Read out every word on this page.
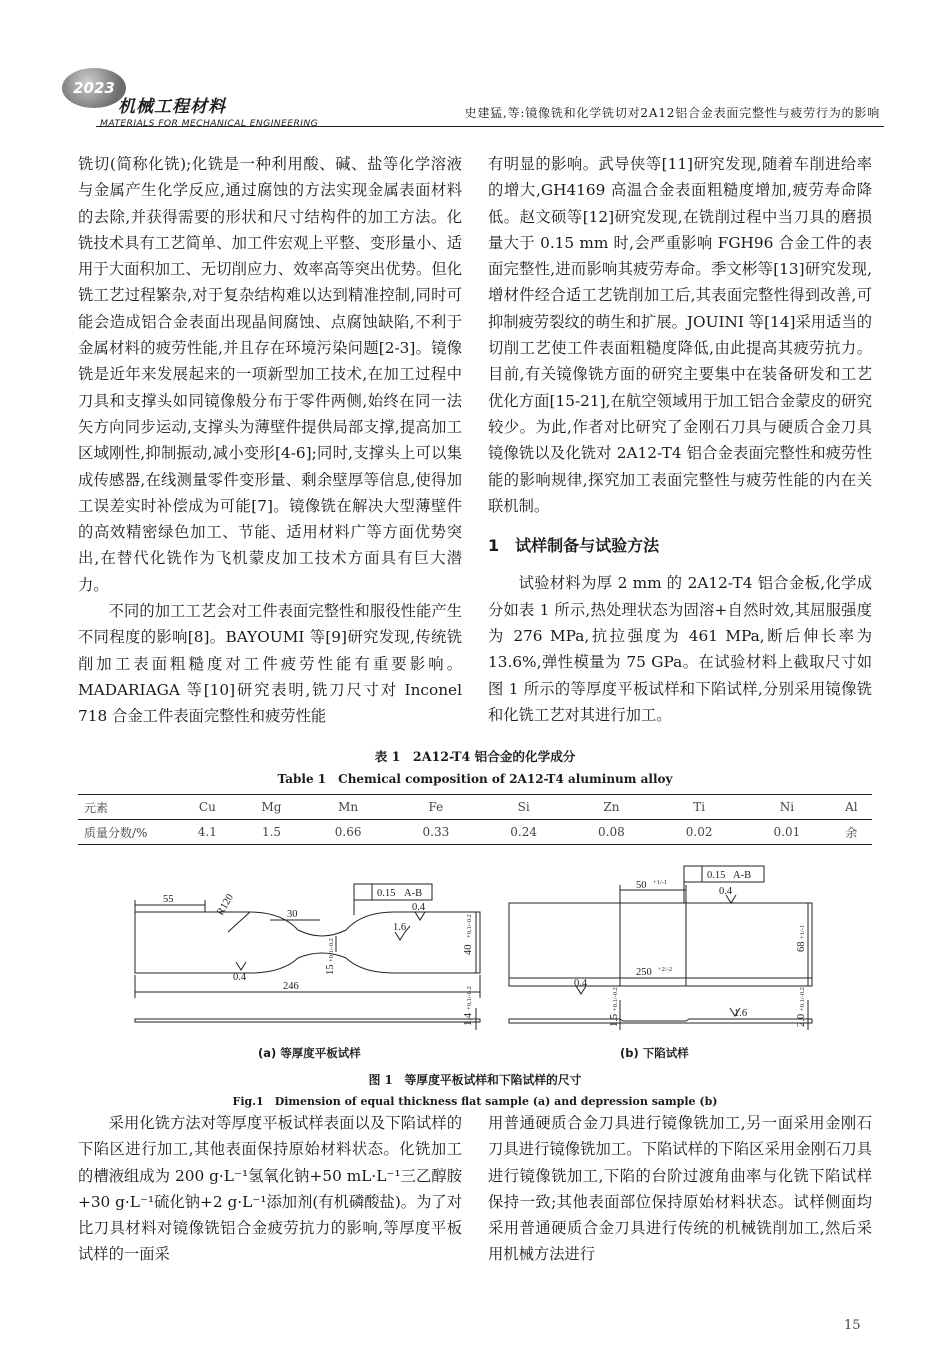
2023
机械工程材料
MATERIALS FOR MECHANICAL ENGINEERING
史建猛,等:镜像铣和化学铣切对2A12铝合金表面完整性与疲劳行为的影响

铣切(简称化铣);化铣是一种利用酸、碱、盐等化学溶液与金属产生化学反应,通过腐蚀的方法实现金属表面材料的去除,并获得需要的形状和尺寸结构件的加工方法。化铣技术具有工艺简单、加工件宏观上平整、变形量小、适用于大面积加工、无切削应力、效率高等突出优势。但化铣工艺过程繁杂,对于复杂结构难以达到精准控制,同时可能会造成铝合金表面出现晶间腐蚀、点腐蚀缺陷,不利于金属材料的疲劳性能,并且存在环境污染问题[2-3]。镜像铣是近年来发展起来的一项新型加工技术,在加工过程中刀具和支撑头如同镜像般分布于零件两侧,始终在同一法矢方向同步运动,支撑头为薄壁件提供局部支撑,提高加工区域刚性,抑制振动,减小变形[4-6];同时,支撑头上可以集成传感器,在线测量零件变形量、剩余壁厚等信息,使得加工误差实时补偿成为可能[7]。镜像铣在解决大型薄壁件的高效精密绿色加工、节能、适用材料广等方面优势突出,在替代化铣作为飞机蒙皮加工技术方面具有巨大潜力。

不同的加工工艺会对工件表面完整性和服役性能产生不同程度的影响[8]。BAYOUMI 等[9]研究发现,传统铣削加工表面粗糙度对工件疲劳性能有重要影响。MADARIAGA 等[10]研究表明,铣刀尺寸对 Inconel 718 合金工件表面完整性和疲劳性能

有明显的影响。武导侠等[11]研究发现,随着车削进给率的增大,GH4169 高温合金表面粗糙度增加,疲劳寿命降低。赵文硕等[12]研究发现,在铣削过程中当刀具的磨损量大于 0.15 mm 时,会严重影响 FGH96 合金工件的表面完整性,进而影响其疲劳寿命。季文彬等[13]研究发现,增材件经合适工艺铣削加工后,其表面完整性得到改善,可抑制疲劳裂纹的萌生和扩展。JOUINI 等[14]采用适当的切削工艺使工件表面粗糙度降低,由此提高其疲劳抗力。目前,有关镜像铣方面的研究主要集中在装备研发和工艺优化方面[15-21],在航空领域用于加工铝合金蒙皮的研究较少。为此,作者对比研究了金刚石刀具与硬质合金刀具镜像铣以及化铣对 2A12-T4 铝合金表面完整性和疲劳性能的影响规律,探究加工表面完整性与疲劳性能的内在关联机制。

1　试样制备与试验方法

试验材料为厚 2 mm 的 2A12-T4 铝合金板,化学成分如表 1 所示,热处理状态为固溶+自然时效,其屈服强度为 276 MPa,抗拉强度为 461 MPa,断后伸长率为 13.6%,弹性模量为 75 GPa。在试验材料上截取尺寸如图 1 所示的等厚度平板试样和下陷试样,分别采用镜像铣和化铣工艺对其进行加工。

表 1　2A12-T4 铝合金的化学成分
Table 1　Chemical composition of 2A12-T4 aluminum alloy
元素	Cu	Mg	Mn	Fe	Si	Zn	Ti	Ni	Al
质量分数/%	4.1	1.5	0.66	0.33	0.24	0.08	0.02	0.01	余
55	R120	30
0.15 A-B
0.4
1.6
0.4
246
40
+0.1/-0.2
15
+0.1/-0.2
1.4
+0.1/-0.2
0.15 A-B
50 +1/-1
0.4
68
+1/-1
0.4
250 +2/-2
1.5
+0.1/-0.2
2.0
+0.1/-0.2
1.6
(a) 等厚度平板试样	(b) 下陷试样
图 1　等厚度平板试样和下陷试样的尺寸
Fig.1　Dimension of equal thickness flat sample (a) and depression sample (b)

采用化铣方法对等厚度平板试样表面以及下陷试样的下陷区进行加工,其他表面保持原始材料状态。化铣加工的槽液组成为 200 g·L⁻¹氢氧化钠+50 mL·L⁻¹三乙醇胺+30 g·L⁻¹硫化钠+2 g·L⁻¹添加剂(有机磷酸盐)。为了对比刀具材料对镜像铣铝合金疲劳抗力的影响,等厚度平板试样的一面采

用普通硬质合金刀具进行镜像铣加工,另一面采用金刚石刀具进行镜像铣加工。下陷试样的下陷区采用金刚石刀具进行镜像铣加工,下陷的台阶过渡角曲率与化铣下陷试样保持一致;其他表面部位保持原始材料状态。试样侧面均采用普通硬质合金刀具进行传统的机械铣削加工,然后采用机械方法进行

15
